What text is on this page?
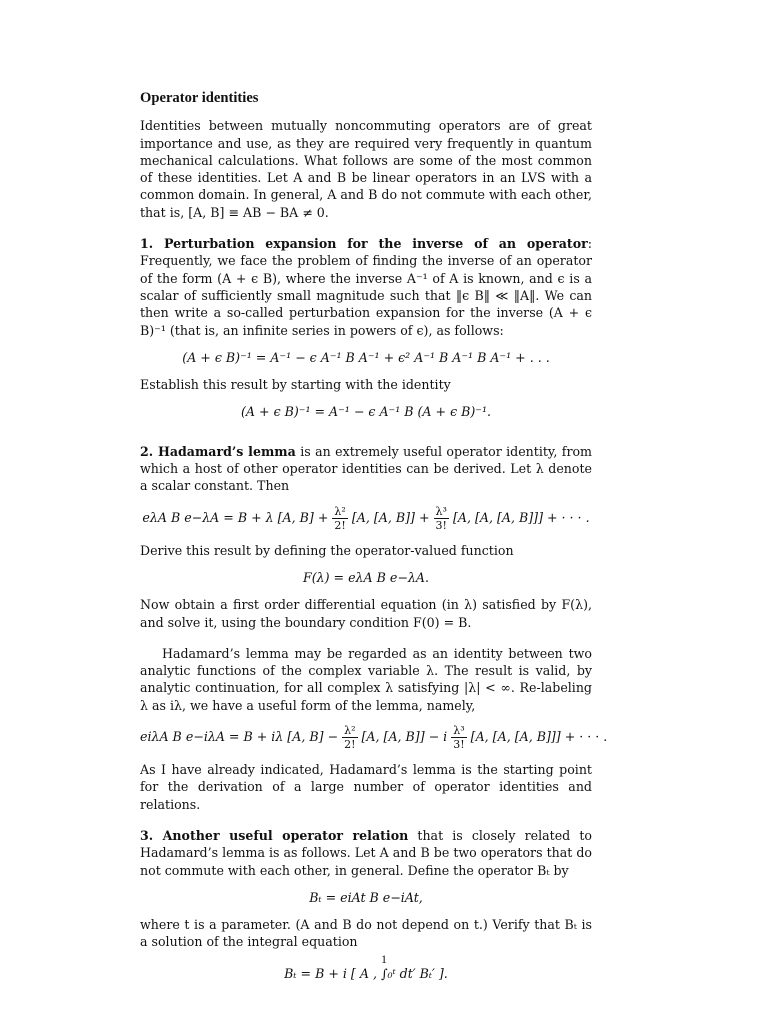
Operator identities

Identities between mutually noncommuting operators are of great importance and use, as they are required very frequently in quantum mechanical calculations. What follows are some of the most common of these identities. Let A and B be linear operators in an LVS with a common domain. In general, A and B do not commute with each other, that is, [A, B] ≡ AB − BA ≠ 0.

1. Perturbation expansion for the inverse of an operator: Frequently, we face the problem of finding the inverse of an operator of the form (A + ϵ B), where the inverse A⁻¹ of A is known, and ϵ is a scalar of sufficiently small magnitude such that ‖ϵ B‖ ≪ ‖A‖. We can then write a so-called perturbation expansion for the inverse (A + ϵ B)⁻¹ (that is, an infinite series in powers of ϵ), as follows:

(A + ϵ B)⁻¹ = A⁻¹ − ϵ A⁻¹ B A⁻¹ + ϵ² A⁻¹ B A⁻¹ B A⁻¹ + . . .

Establish this result by starting with the identity

(A + ϵ B)⁻¹ = A⁻¹ − ϵ A⁻¹ B (A + ϵ B)⁻¹.

2. Hadamard’s lemma is an extremely useful operator identity, from which a host of other operator identities can be derived. Let λ denote a scalar constant. Then

eλA B e−λA = B + λ [A, $B] + \frac{\text{λ²}}{2!} [A$, [A, $B]] + \frac{\text{λ³}}{3!} [A$, [A, [A, B]]] + · · · .

Derive this result by defining the operator-valued function

F(λ) = eλA B e−λA.

Now obtain a first order differential equation (in λ) satisfied by F(λ), and solve it, using the boundary condition F(0) = B.

Hadamard’s lemma may be regarded as an identity between two analytic functions of the complex variable λ. The result is valid, by analytic continuation, for all complex λ satisfying |λ| < ∞. Re-labeling λ as iλ, we have a useful form of the lemma, namely,

eiλA B e−iλA = B + iλ [A, $B] - \frac{\text{λ²}}{2!} [A$, [A, B]] − i $\frac{\text{λ³}}{3!} [A$, [A, [A, B]]] + · · · .

As I have already indicated, Hadamard’s lemma is the starting point for the derivation of a large number of operator identities and relations.

3. Another useful operator relation that is closely related to Hadamard’s lemma is as follows. Let A and B be two operators that do not commute with each other, in general. Define the operator Bₜ by

Bₜ = eiAt B e−iAt,

where t is a parameter. (A and B do not depend on t.) Verify that Bₜ is a solution of the integral equation

Bₜ = B + i [ A , ∫₀ᵗ dt′ Bₜ′ ].
1
